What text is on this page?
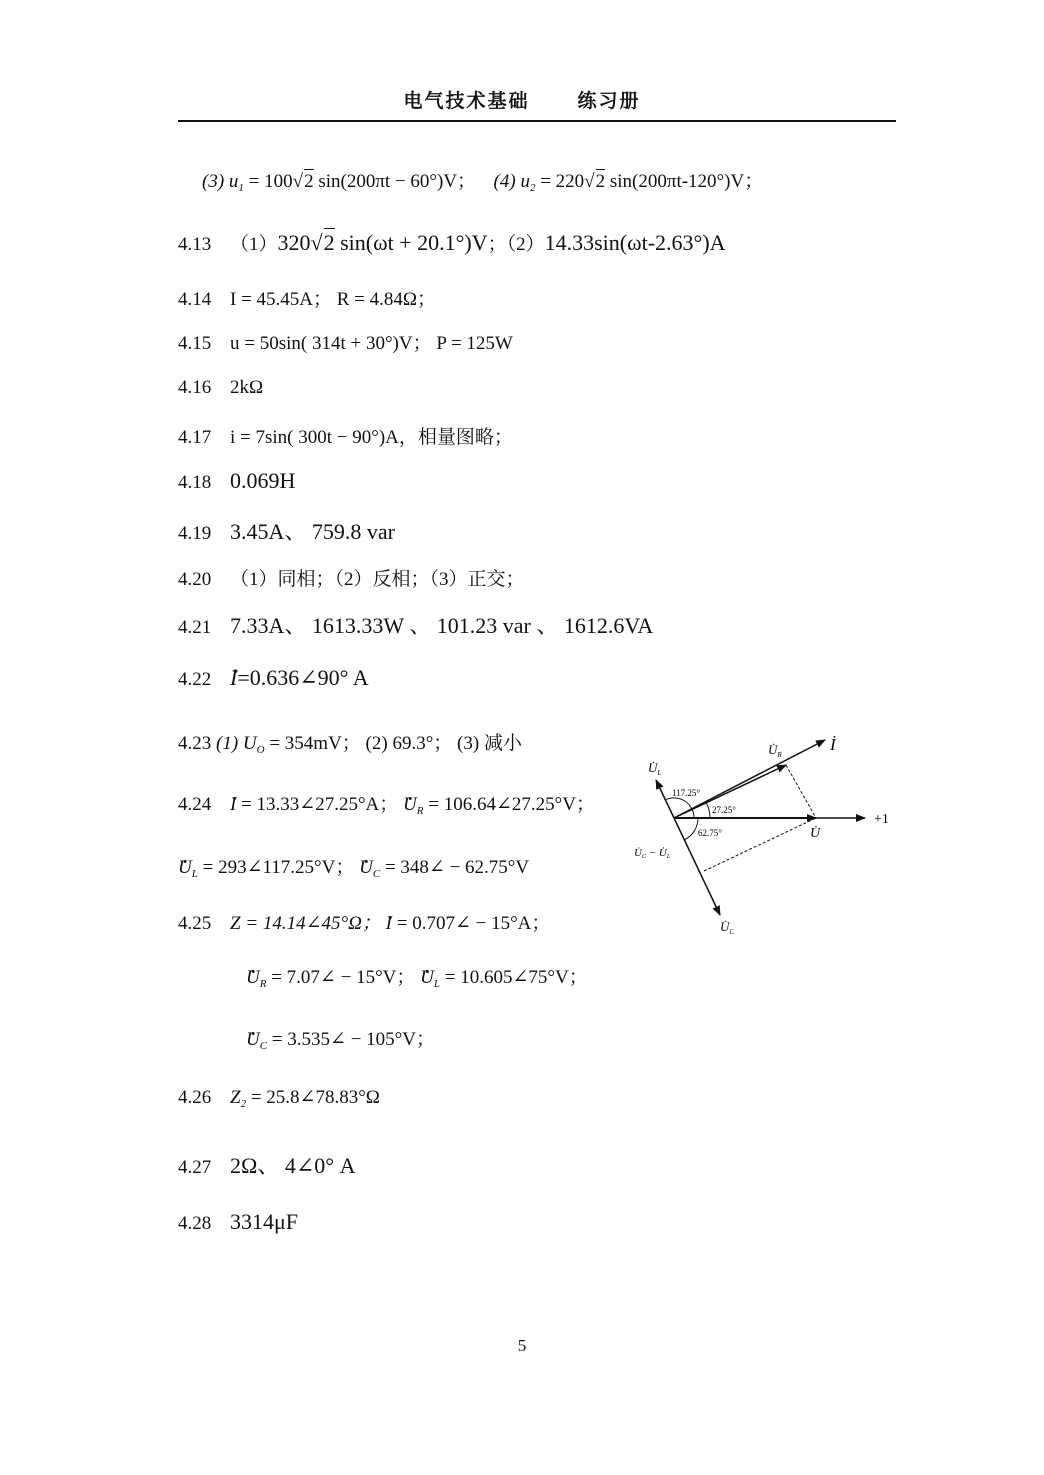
电气技术基础	练习册
(3) $u_1 = 100√2$ sin(200πt − 60°)V； (4) $u_2 = 220√2$ sin(200πt-120°)V；
4.13 （1）320√2 sin(ωt + 20.1°)V；（2）14.33sin(ωt-2.63°)A
4.14 I = 45.45A； R = 4.84Ω；
4.15 u = 50sin( 314t + 30°)V； P = 125W
4.16 2kΩ
4.17 i = 7sin( 300t − 90°)A，相量图略；
4.18 0.069H
4.19 3.45A、 759.8 var
4.20 （1）同相；（2）反相；（3）正交；
4.21 7.33A、 1613.33W 、 101.23 var 、 1612.6VA
4.22 I .=0.636∠90° A
4.23 (1) $U_O = 354mV$； (2) 69.3°； (3) 减小
4.24 I . = 13.33∠27.25°A； U $._R$ = 106.64∠27.25°V；
U $._L$ = 293∠117.25°V； U $._C$ = 348∠ − 62.75°V
4.25 Z = 14.14∠45°Ω； I . = 0.707∠ − 15°A；
U $._R$ = 7.07∠ − 15°V； U $._L$ = 10.605∠75°V；
U $._C$ = 3.535∠ − 105°V；
4.26 $Z_2$ = 25.8∠78.83°Ω
4.27 2Ω、 4∠0° A
4.28 3314μF
117.25°
27.25°
62.75°
İ
$U̇_R$
$U̇_L$
U̇
+1
U̇C − U̇L
$U̇_C$
5
